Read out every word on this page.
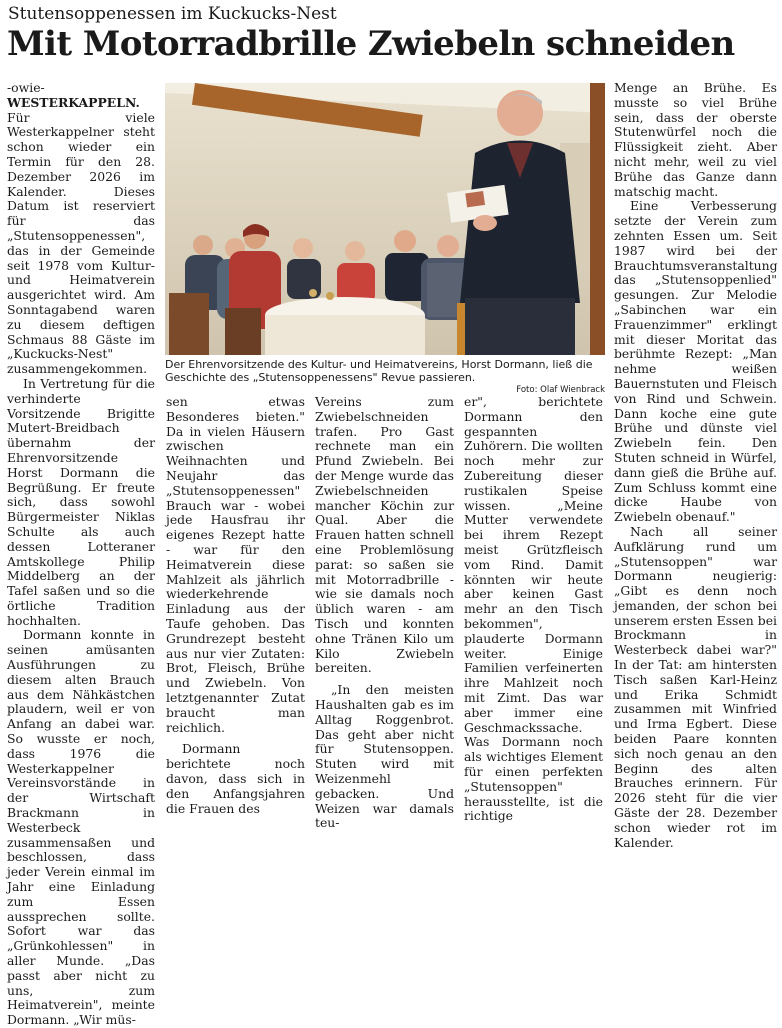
Stutensoppenessen im Kuckucks-Nest
Mit Motorradbrille Zwiebeln schneiden

-owie- WESTERKAPPELN. Für viele Westerkappelner steht schon wieder ein Termin für den 28. Dezember 2026 im Kalender. Dieses Datum ist reserviert für das „Stutensoppenessen", das in der Gemeinde seit 1978 vom Kultur- und Heimatverein ausgerichtet wird. Am Sonntagabend waren zu diesem deftigen Schmaus 88 Gäste im „Kuckucks-Nest" zusammengekommen.

In Vertretung für die verhinderte Vorsitzende Brigitte Mutert-Breidbach übernahm der Ehrenvorsitzende Horst Dormann die Begrüßung. Er freute sich, dass sowohl Bürgermeister Niklas Schulte als auch dessen Lotteraner Amtskollege Philip Middelberg an der Tafel saßen und so die örtliche Tradition hochhalten.

Dormann konnte in seinen amüsanten Ausführungen zu diesem alten Brauch aus dem Nähkästchen plaudern, weil er von Anfang an dabei war. So wusste er noch, dass 1976 die Westerkappelner Vereinsvorstände in der Wirtschaft Brackmann in Westerbeck zusammensaßen und beschlossen, dass jeder Verein einmal im Jahr eine Einladung zum Essen aussprechen sollte. Sofort war das „Grünkohlessen" in aller Munde. „Das passt aber nicht zu uns, zum Heimatverein", meinte Dormann. „Wir müs-

Der Ehrenvorsitzende des Kultur- und Heimatvereins, Horst Dormann, ließ die Geschichte des „Stutensoppenessens" Revue passieren.
Foto: Olaf Wienbrack

sen etwas Besonderes bieten." Da in vielen Häusern zwischen Weihnachten und Neujahr das „Stutensoppenessen" Brauch war - wobei jede Hausfrau ihr eigenes Rezept hatte - war für den Heimatverein diese Mahlzeit als jährlich wiederkehrende Einladung aus der Taufe gehoben. Das Grundrezept besteht aus nur vier Zutaten: Brot, Fleisch, Brühe und Zwiebeln. Von letztgenannter Zutat braucht man reichlich.

Dormann berichtete noch davon, dass sich in den Anfangsjahren die Frauen des

Vereins zum Zwiebelschneiden trafen. Pro Gast rechnete man ein Pfund Zwiebeln. Bei der Menge wurde das Zwiebelschneiden mancher Köchin zur Qual. Aber die Frauen hatten schnell eine Problemlösung parat: so saßen sie mit Motorradbrille - wie sie damals noch üblich waren - am Tisch und konnten ohne Tränen Kilo um Kilo Zwiebeln bereiten.

„In den meisten Haushalten gab es im Alltag Roggenbrot. Das geht aber nicht für Stutensoppen. Stuten wird mit Weizenmehl gebacken. Und Weizen war damals teu-

er", berichtete Dormann den gespannten Zuhörern. Die wollten noch mehr zur Zubereitung dieser rustikalen Speise wissen. „Meine Mutter verwendete bei ihrem Rezept meist Grützfleisch vom Rind. Damit könnten wir heute aber keinen Gast mehr an den Tisch bekommen", plauderte Dormann weiter. Einige Familien verfeinerten ihre Mahlzeit noch mit Zimt. Das war aber immer eine Geschmackssache. Was Dormann noch als wichtiges Element für einen perfekten „Stutensoppen" herausstellte, ist die richtige

Menge an Brühe. Es musste so viel Brühe sein, dass der oberste Stutenwürfel noch die Flüssigkeit zieht. Aber nicht mehr, weil zu viel Brühe das Ganze dann matschig macht.

Eine Verbesserung setzte der Verein zum zehnten Essen um. Seit 1987 wird bei der Brauchtumsveranstaltung das „Stutensoppenlied" gesungen. Zur Melodie „Sabinchen war ein Frauenzimmer" erklingt mit dieser Moritat das berühmte Rezept: „Man nehme weißen Bauernstuten und Fleisch von Rind und Schwein. Dann koche eine gute Brühe und dünste viel Zwiebeln fein. Den Stuten schneid in Würfel, dann gieß die Brühe auf. Zum Schluss kommt eine dicke Haube von Zwiebeln obenauf."

Nach all seiner Aufklärung rund um „Stutensoppen" war Dormann neugierig: „Gibt es denn noch jemanden, der schon bei unserem ersten Essen bei Brockmann in Westerbeck dabei war?" In der Tat: am hintersten Tisch saßen Karl-Heinz und Erika Schmidt zusammen mit Winfried und Irma Egbert. Diese beiden Paare konnten sich noch genau an den Beginn des alten Brauches erinnern. Für 2026 steht für die vier Gäste der 28. Dezember schon wieder rot im Kalender.
